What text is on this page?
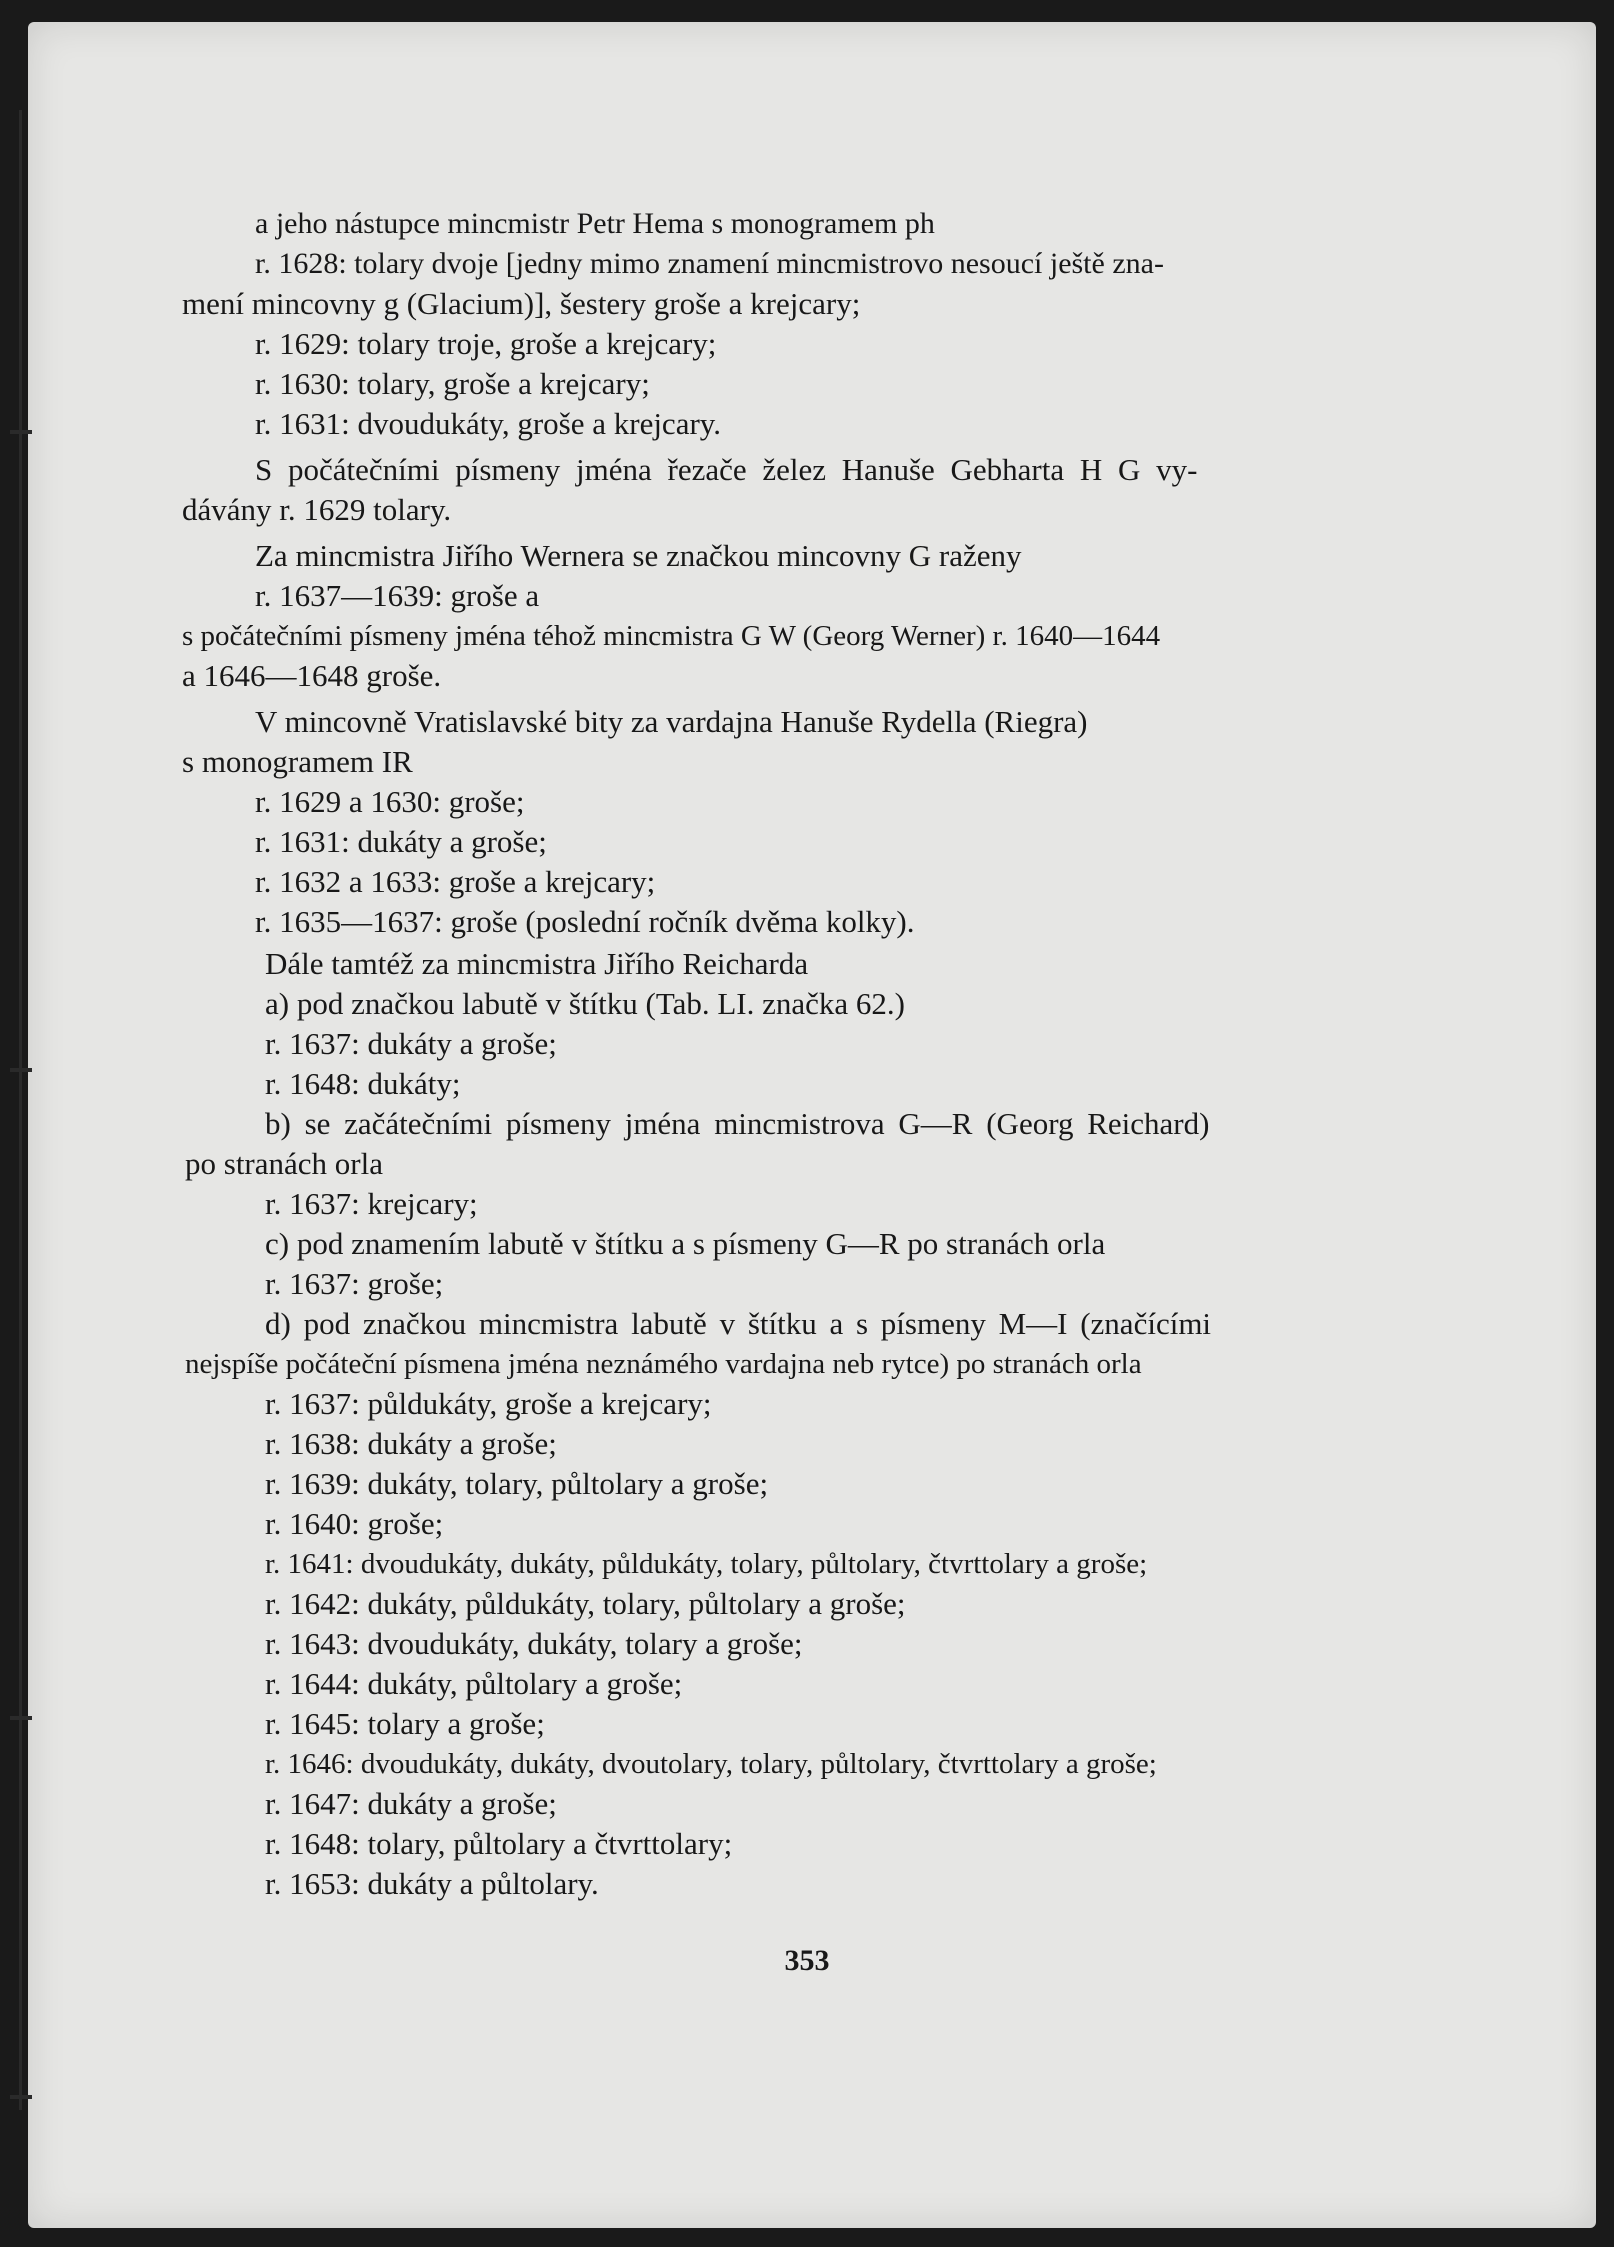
a jeho nástupce mincmistr Petr Hema s monogramem ph
r. 1628: tolary dvoje [jedny mimo znamení mincmistrovo nesoucí ještě zna-
mení mincovny g (Glacium)], šestery groše a krejcary;
r. 1629: tolary troje, groše a krejcary;
r. 1630: tolary, groše a krejcary;
r. 1631: dvoudukáty, groše a krejcary.
S počátečními písmeny jména řezače želez Hanuše Gebharta H G vy-
dávány r. 1629 tolary.
Za mincmistra Jiřího Wernera se značkou mincovny G raženy
r. 1637—1639: groše a
s počátečními písmeny jména téhož mincmistra G W (Georg Werner) r. 1640—1644
a 1646—1648 groše.
V mincovně Vratislavské bity za vardajna Hanuše Rydella (Riegra)
s monogramem IR
r. 1629 a 1630: groše;
r. 1631: dukáty a groše;
r. 1632 a 1633: groše a krejcary;
r. 1635—1637: groše (poslední ročník dvěma kolky).
Dále tamtéž za mincmistra Jiřího Reicharda
a) pod značkou labutě v štítku (Tab. LI. značka 62.)
r. 1637: dukáty a groše;
r. 1648: dukáty;
b) se začátečními písmeny jména mincmistrova G—R (Georg Reichard)
po stranách orla
r. 1637: krejcary;
c) pod znamením labutě v štítku a s písmeny G—R po stranách orla
r. 1637: groše;
d) pod značkou mincmistra labutě v štítku a s písmeny M—I (značícími
nejspíše počáteční písmena jména neznámého vardajna neb rytce) po stranách orla
r. 1637: půldukáty, groše a krejcary;
r. 1638: dukáty a groše;
r. 1639: dukáty, tolary, půltolary a groše;
r. 1640: groše;
r. 1641: dvoudukáty, dukáty, půldukáty, tolary, půltolary, čtvrttolary a groše;
r. 1642: dukáty, půldukáty, tolary, půltolary a groše;
r. 1643: dvoudukáty, dukáty, tolary a groše;
r. 1644: dukáty, půltolary a groše;
r. 1645: tolary a groše;
r. 1646: dvoudukáty, dukáty, dvoutolary, tolary, půltolary, čtvrttolary a groše;
r. 1647: dukáty a groše;
r. 1648: tolary, půltolary a čtvrttolary;
r. 1653: dukáty a půltolary.
353
